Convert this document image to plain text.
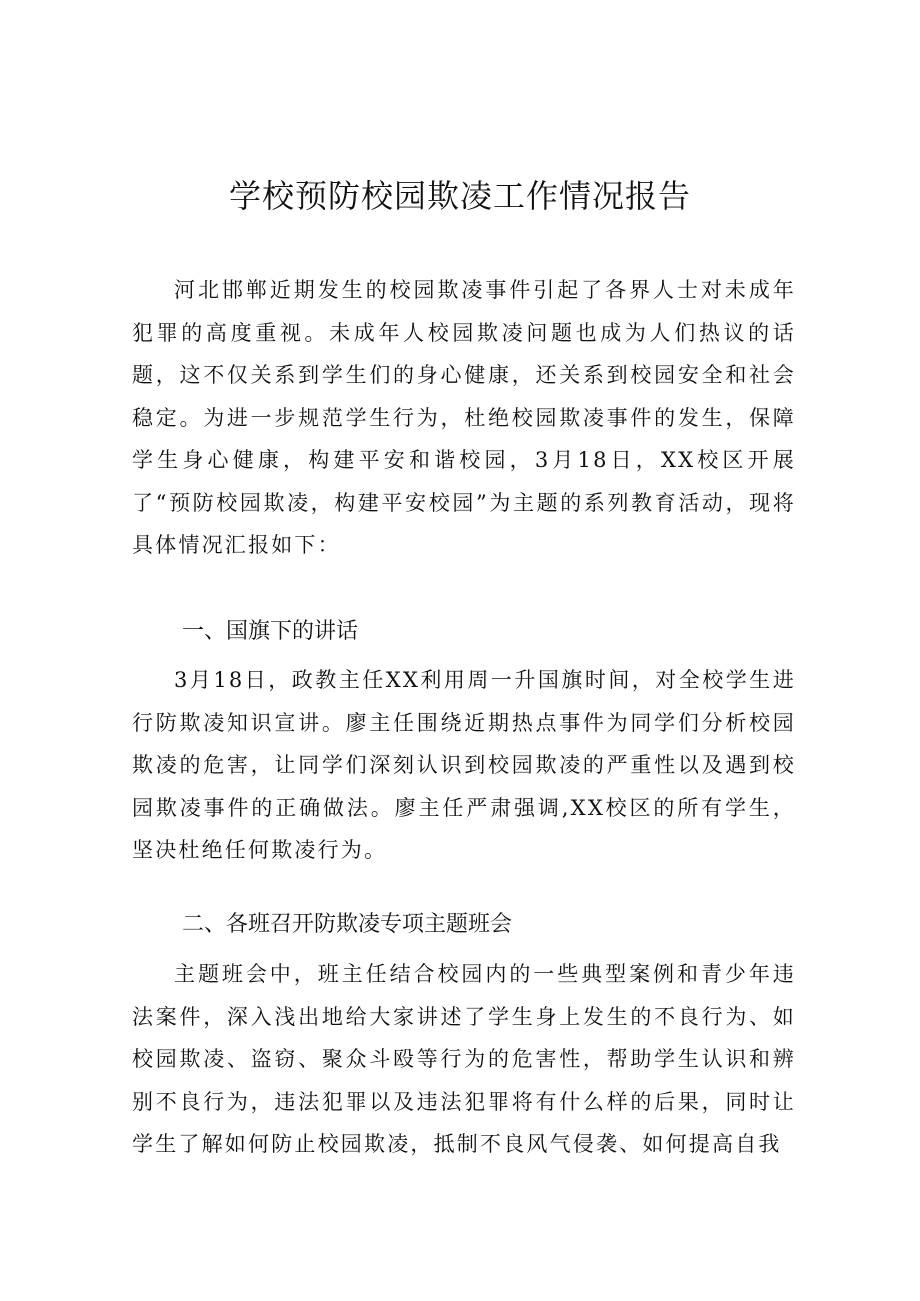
学校预防校园欺凌工作情况报告

河北邯郸近期发生的校园欺凌事件引起了各界人士对未成年犯罪的高度重视。未成年人校园欺凌问题也成为人们热议的话题，这不仅关系到学生们的身心健康，还关系到校园安全和社会稳定。为进一步规范学生行为，杜绝校园欺凌事件的发生，保障学生身心健康，构建平安和谐校园，3月18日，XX校区开展了“预防校园欺凌，构建平安校园”为主题的系列教育活动，现将具体情况汇报如下：

一、国旗下的讲话

3月18日，政教主任XX利用周一升国旗时间，对全校学生进行防欺凌知识宣讲。廖主任围绕近期热点事件为同学们分析校园欺凌的危害，让同学们深刻认识到校园欺凌的严重性以及遇到校园欺凌事件的正确做法。廖主任严肃强调,XX校区的所有学生，坚决杜绝任何欺凌行为。

二、各班召开防欺凌专项主题班会

主题班会中，班主任结合校园内的一些典型案例和青少年违法案件，深入浅出地给大家讲述了学生身上发生的不良行为、如校园欺凌、盗窃、聚众斗殴等行为的危害性，帮助学生认识和辨别不良行为，违法犯罪以及违法犯罪将有什么样的后果，同时让学生了解如何防止校园欺凌，抵制不良风气侵袭、如何提高自我
